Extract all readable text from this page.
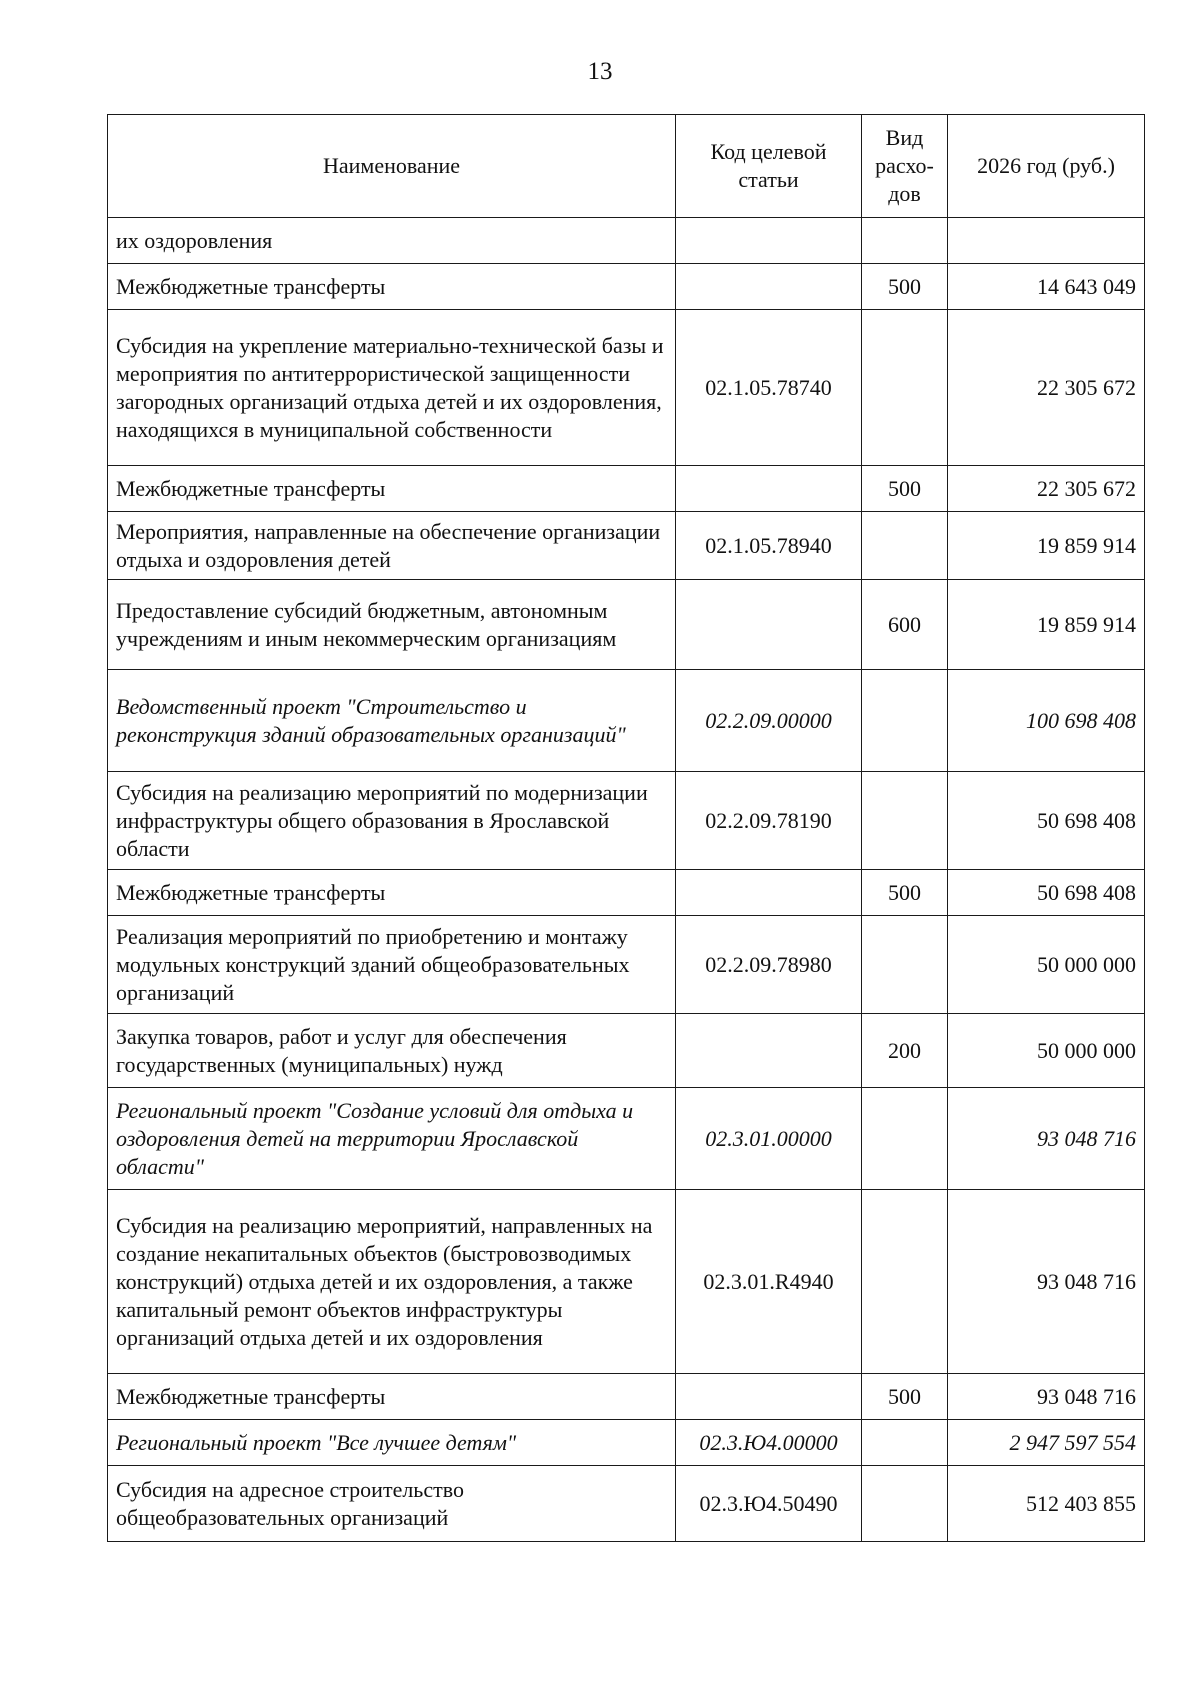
13
Наименование	Код целевой статьи	Вид расхо-дов	2026 год (руб.)
их оздоровления			
Межбюджетные трансферты		500	14 643 049
Субсидия на укрепление материально-технической базы и мероприятия по антитеррористической защищенности загородных организаций отдыха детей и их оздоровления, находящихся в муниципальной собственности	02.1.05.78740		22 305 672
Межбюджетные трансферты		500	22 305 672
Мероприятия, направленные на обеспечение организации отдыха и оздоровления детей	02.1.05.78940		19 859 914
Предоставление субсидий бюджетным, автономным учреждениям и иным некоммерческим организациям		600	19 859 914
Ведомственный проект "Строительство и реконструкция зданий образовательных организаций"	02.2.09.00000		100 698 408
Субсидия на реализацию мероприятий по модернизации инфраструктуры общего образования в Ярославской области	02.2.09.78190		50 698 408
Межбюджетные трансферты		500	50 698 408
Реализация мероприятий по приобретению и монтажу модульных конструкций зданий общеобразовательных организаций	02.2.09.78980		50 000 000
Закупка товаров, работ и услуг для обеспечения государственных (муниципальных) нужд		200	50 000 000
Региональный проект "Создание условий для отдыха и оздоровления детей на территории Ярославской области"	02.3.01.00000		93 048 716
Субсидия на реализацию мероприятий, направленных на создание некапитальных объектов (быстровозводимых конструкций) отдыха детей и их оздоровления, а также капитальный ремонт объектов инфраструктуры организаций отдыха детей и их оздоровления	02.3.01.R4940		93 048 716
Межбюджетные трансферты		500	93 048 716
Региональный проект "Все лучшее детям"	02.3.Ю4.00000		2 947 597 554
Субсидия на адресное строительство общеобразовательных организаций	02.3.Ю4.50490		512 403 855
